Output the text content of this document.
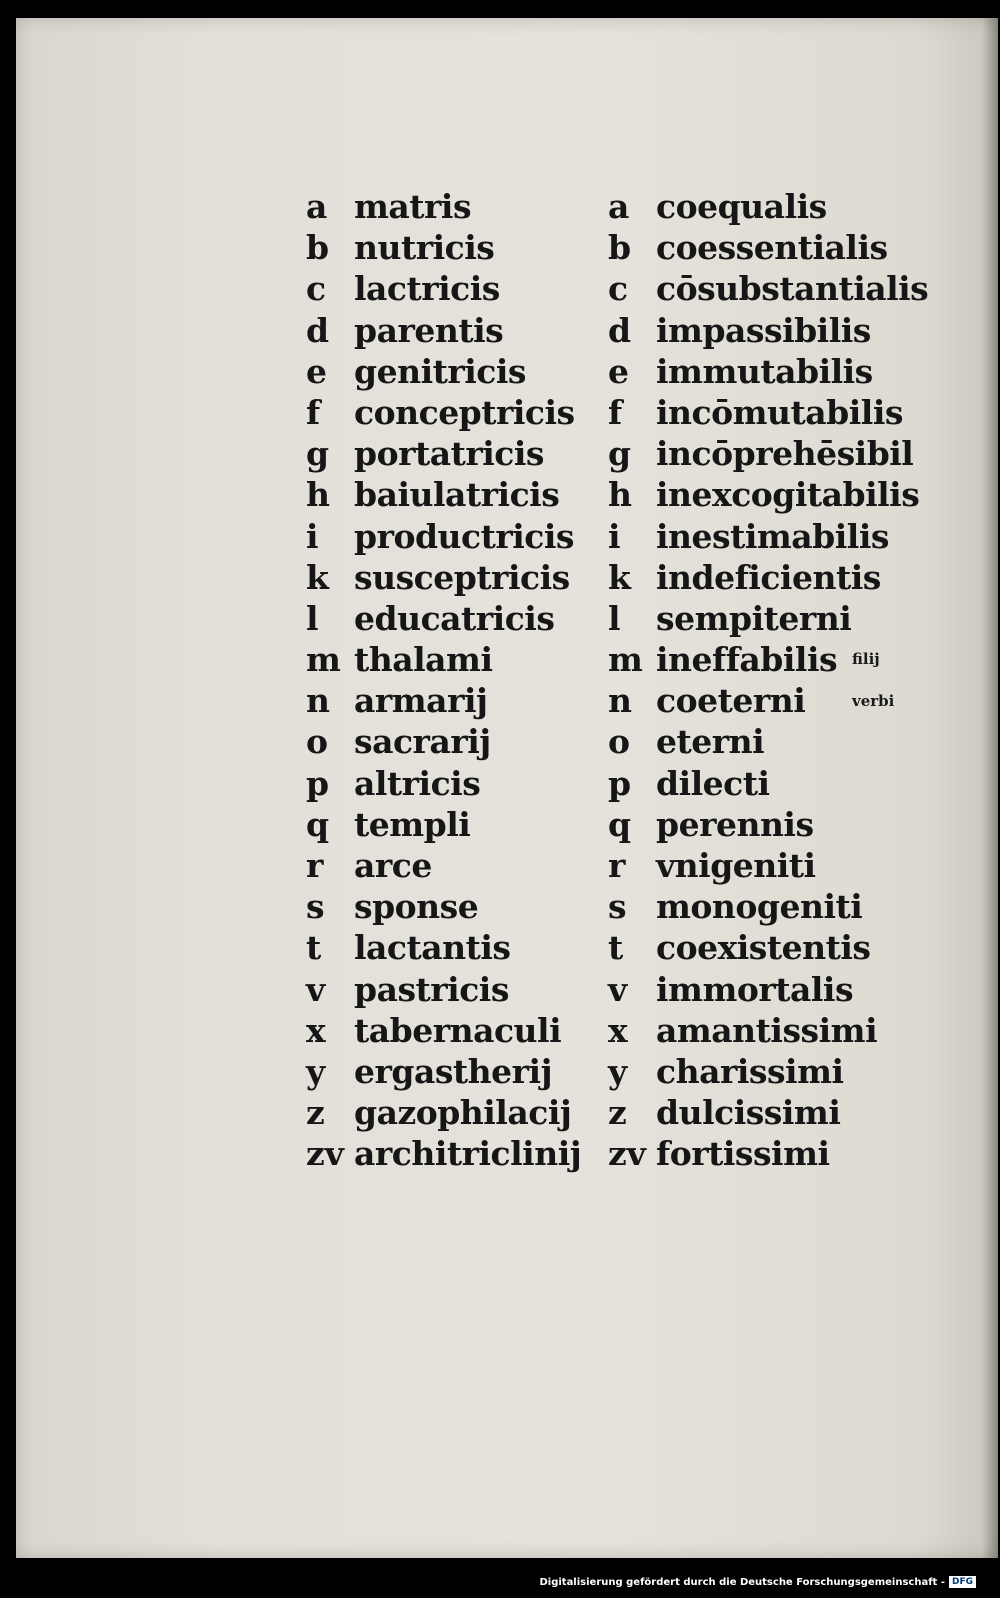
a matris
b nutricis
c lactricis
d parentis
e genitricis
f conceptricis
g portatricis
h baiulatricis
i productricis
k susceptricis
l educatricis
m thalami
n armarij
o sacrarij
p altricis
q templi
r arce
s sponse
t lactantis
v pastricis
x tabernaculi
y ergastherij
z gazophilacij
zv architriclinij
a coequalis
b coessentialis
c cōsubstantialis
d impassibilis
e immutabilis
f incōmutabilis
g incōprehēsibil
h inexcogitabilis
i inestimabilis
k indeficientis
l sempiterni
m ineffabilis
n coeterni
o eterni
p dilecti
q perennis
r vnigeniti
s monogeniti
t coexistentis
v immortalis
x amantissimi
y charissimi
z dulcissimi
zv fortissimi
filij
verbi
Digitalisierung gefördert durch die Deutsche Forschungsgemeinschaft - DFG
